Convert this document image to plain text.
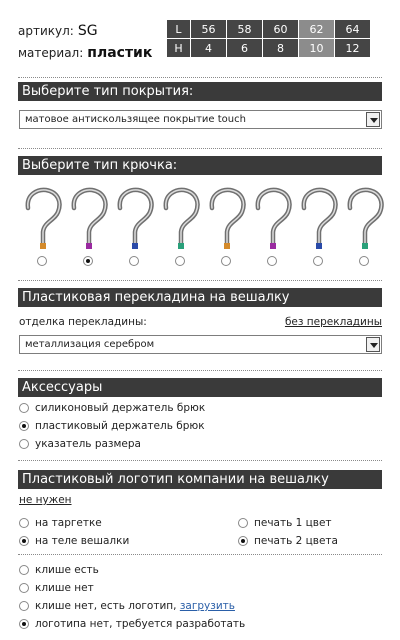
артикул: SG
материал: пластик
L	56	58	60	62	64
H	4	6	8	10	12
Выберите тип покрытия:
матовое антискользящее покрытие touch
Выберите тип крючка:
Пластиковая перекладина на вешалку
отделка перекладины:	без перекладины
металлизация серебром
Аксессуары
силиконовый держатель брюк
пластиковый держатель брюк
указатель размера
Пластиковый логотип компании на вешалку
не нужен
на таргетке
на теле вешалки
печать 1 цвет
печать 2 цвета
клише есть
клише нет
клише нет, есть логотип, загрузить
логотипа нет, требуется разработать
